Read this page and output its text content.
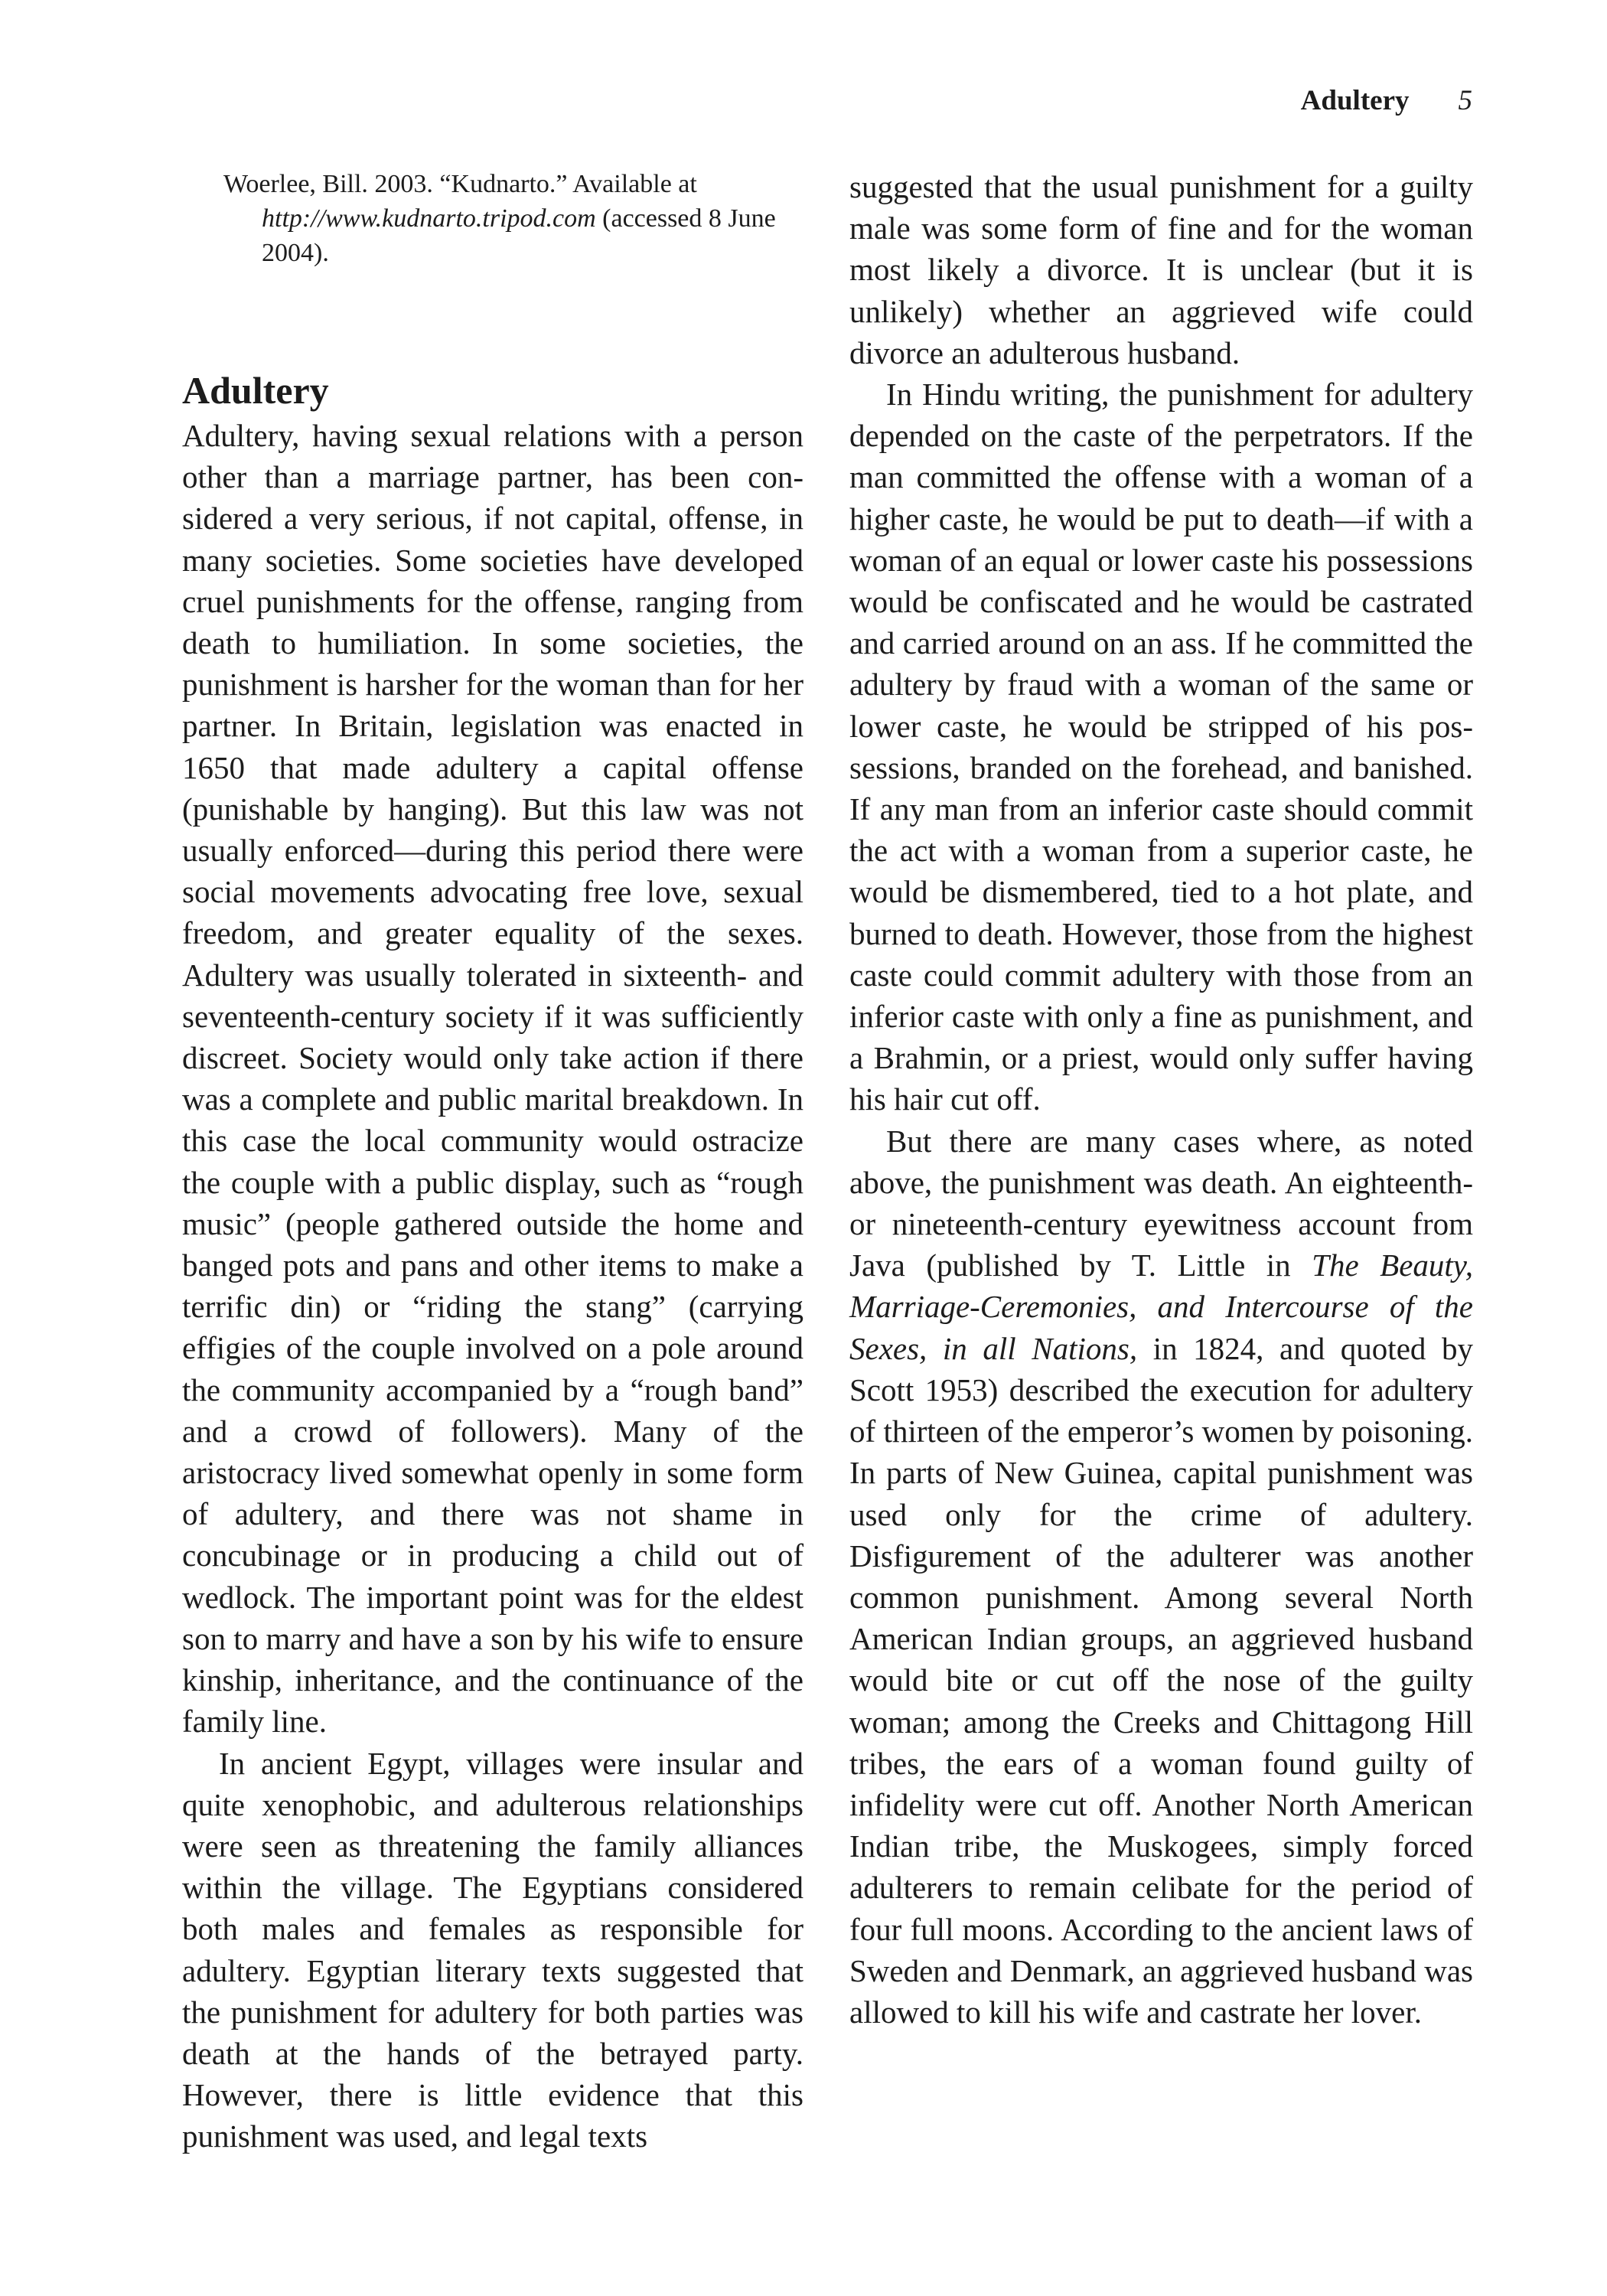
Adultery 5
Woerlee, Bill. 2003. “Kudnarto.” Available at http://www.kudnarto.tripod.com (accessed 8 June 2004).
Adultery

Adultery, having sexual relations with a person other than a marriage partner, has been considered a very serious, if not capital, offense, in many societies. Some societies have developed cruel punishments for the offense, ranging from death to humiliation. In some societies, the punishment is harsher for the woman than for her partner. In Britain, legislation was enacted in 1650 that made adultery a capital offense (punishable by hanging). But this law was not usually enforced—during this period there were social movements advocating free love, sexual freedom, and greater equality of the sexes. Adultery was usually tolerated in sixteenth- and seventeenth-century society if it was sufficiently discreet. Society would only take action if there was a complete and public marital breakdown. In this case the local community would ostracize the couple with a public display, such as “rough music” (people gathered outside the home and banged pots and pans and other items to make a terrific din) or “riding the stang” (carrying effigies of the couple involved on a pole around the community accompanied by a “rough band” and a crowd of followers). Many of the aristocracy lived somewhat openly in some form of adultery, and there was not shame in concubinage or in producing a child out of wedlock. The important point was for the eldest son to marry and have a son by his wife to ensure kinship, inheritance, and the continuance of the family line.

In ancient Egypt, villages were insular and quite xenophobic, and adulterous relationships were seen as threatening the family alliances within the village. The Egyptians considered both males and females as responsible for adultery. Egyptian literary texts suggested that the punishment for adultery for both parties was death at the hands of the betrayed party. However, there is little evidence that this punishment was used, and legal texts

suggested that the usual punishment for a guilty male was some form of fine and for the woman most likely a divorce. It is unclear (but it is unlikely) whether an aggrieved wife could divorce an adulterous husband.

In Hindu writing, the punishment for adultery depended on the caste of the perpetrators. If the man committed the offense with a woman of a higher caste, he would be put to death—if with a woman of an equal or lower caste his possessions would be confiscated and he would be castrated and carried around on an ass. If he committed the adultery by fraud with a woman of the same or lower caste, he would be stripped of his possessions, branded on the forehead, and banished. If any man from an inferior caste should commit the act with a woman from a superior caste, he would be dismembered, tied to a hot plate, and burned to death. However, those from the highest caste could commit adultery with those from an inferior caste with only a fine as punishment, and a Brahmin, or a priest, would only suffer having his hair cut off.

But there are many cases where, as noted above, the punishment was death. An eighteenth- or nineteenth-century eyewitness account from Java (published by T. Little in The Beauty, Marriage-Ceremonies, and Intercourse of the Sexes, in all Nations, in 1824, and quoted by Scott 1953) described the execution for adultery of thirteen of the emperor’s women by poisoning. In parts of New Guinea, capital punishment was used only for the crime of adultery. Disfigurement of the adulterer was another common punishment. Among several North American Indian groups, an aggrieved husband would bite or cut off the nose of the guilty woman; among the Creeks and Chittagong Hill tribes, the ears of a woman found guilty of infidelity were cut off. Another North American Indian tribe, the Muskogees, simply forced adulterers to remain celibate for the period of four full moons. According to the ancient laws of Sweden and Denmark, an aggrieved husband was allowed to kill his wife and castrate her lover.
